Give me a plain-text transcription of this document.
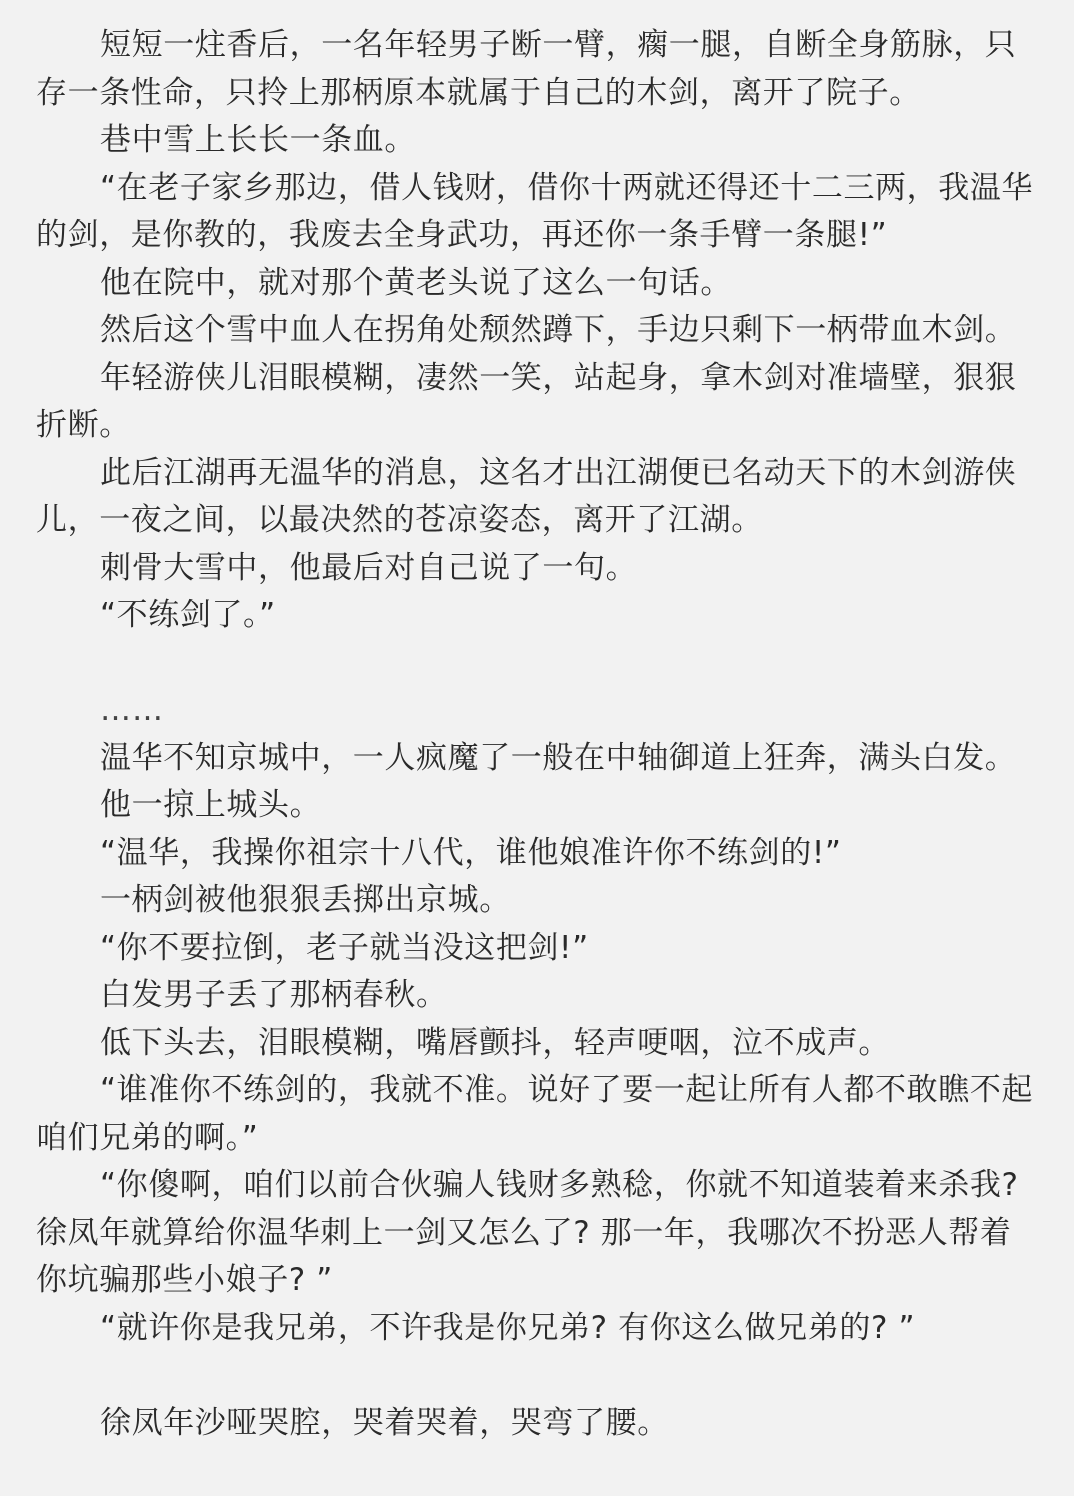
短短一炷香后，一名年轻男子断一臂，瘸一腿，自断全身筋脉，只存一条性命，只拎上那柄原本就属于自己的木剑，离开了院子。

巷中雪上长长一条血。

“在老子家乡那边，借人钱财，借你十两就还得还十二三两，我温华的剑，是你教的，我废去全身武功，再还你一条手臂一条腿!”

他在院中，就对那个黄老头说了这么一句话。

然后这个雪中血人在拐角处颓然蹲下，手边只剩下一柄带血木剑。

年轻游侠儿泪眼模糊，凄然一笑，站起身，拿木剑对准墙壁，狠狠折断。

此后江湖再无温华的消息，这名才出江湖便已名动天下的木剑游侠儿，一夜之间，以最决然的苍凉姿态，离开了江湖。

刺骨大雪中，他最后对自己说了一句。

“不练剑了。”

……

温华不知京城中，一人疯魔了一般在中轴御道上狂奔，满头白发。

他一掠上城头。

“温华，我操你祖宗十八代，谁他娘准许你不练剑的!”

一柄剑被他狠狠丢掷出京城。

“你不要拉倒，老子就当没这把剑!”

白发男子丢了那柄春秋。

低下头去，泪眼模糊，嘴唇颤抖，轻声哽咽，泣不成声。

“谁准你不练剑的，我就不准。说好了要一起让所有人都不敢瞧不起咱们兄弟的啊。”

“你傻啊，咱们以前合伙骗人钱财多熟稔，你就不知道装着来杀我?徐凤年就算给你温华刺上一剑又怎么了? 那一年，我哪次不扮恶人帮着你坑骗那些小娘子? ”

“就许你是我兄弟，不许我是你兄弟? 有你这么做兄弟的? ”

徐凤年沙哑哭腔，哭着哭着，哭弯了腰。
